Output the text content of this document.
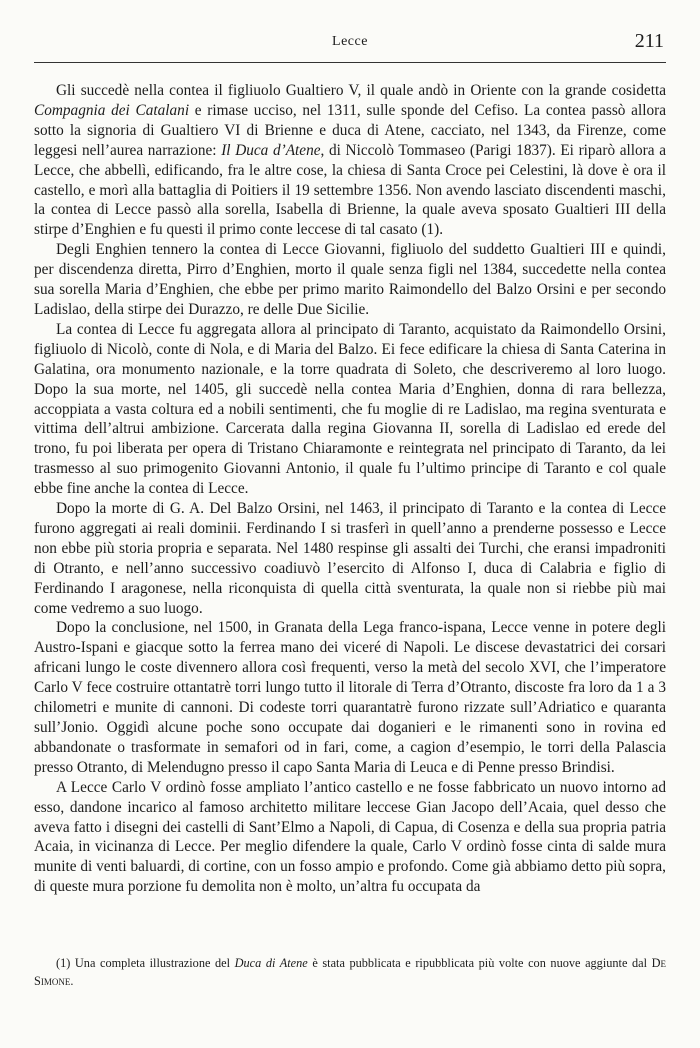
Lecce	211

Gli succedè nella contea il figliuolo Gualtiero V, il quale andò in Oriente con la grande cosidetta Compagnia dei Catalani e rimase ucciso, nel 1311, sulle sponde del Cefiso. La contea passò allora sotto la signoria di Gualtiero VI di Brienne e duca di Atene, cacciato, nel 1343, da Firenze, come leggesi nell’aurea narrazione: Il Duca d’Atene, di Niccolò Tommaseo (Parigi 1837). Ei riparò allora a Lecce, che abbellì, edificando, fra le altre cose, la chiesa di Santa Croce pei Celestini, là dove è ora il castello, e morì alla battaglia di Poitiers il 19 settembre 1356. Non avendo lasciato discendenti maschi, la contea di Lecce passò alla sorella, Isabella di Brienne, la quale aveva sposato Gualtieri III della stirpe d’Enghien e fu questi il primo conte leccese di tal casato (1).

Degli Enghien tennero la contea di Lecce Giovanni, figliuolo del suddetto Gualtieri III e quindi, per discendenza diretta, Pirro d’Enghien, morto il quale senza figli nel 1384, succedette nella contea sua sorella Maria d’Enghien, che ebbe per primo marito Raimondello del Balzo Orsini e per secondo Ladislao, della stirpe dei Durazzo, re delle Due Sicilie.

La contea di Lecce fu aggregata allora al principato di Taranto, acquistato da Raimondello Orsini, figliuolo di Nicolò, conte di Nola, e di Maria del Balzo. Ei fece edificare la chiesa di Santa Caterina in Galatina, ora monumento nazionale, e la torre quadrata di Soleto, che descriveremo al loro luogo. Dopo la sua morte, nel 1405, gli succedè nella contea Maria d’Enghien, donna di rara bellezza, accoppiata a vasta coltura ed a nobili sentimenti, che fu moglie di re Ladislao, ma regina sventurata e vittima dell’altrui ambizione. Carcerata dalla regina Giovanna II, sorella di Ladislao ed erede del trono, fu poi liberata per opera di Tristano Chiaramonte e reintegrata nel principato di Taranto, da lei trasmesso al suo primogenito Giovanni Antonio, il quale fu l’ultimo principe di Taranto e col quale ebbe fine anche la contea di Lecce.

Dopo la morte di G. A. Del Balzo Orsini, nel 1463, il principato di Taranto e la contea di Lecce furono aggregati ai reali dominii. Ferdinando I si trasferì in quell’anno a prenderne possesso e Lecce non ebbe più storia propria e separata. Nel 1480 respinse gli assalti dei Turchi, che eransi impadroniti di Otranto, e nell’anno successivo coadiuvò l’esercito di Alfonso I, duca di Calabria e figlio di Ferdinando I aragonese, nella riconquista di quella città sventurata, la quale non si riebbe più mai come vedremo a suo luogo.

Dopo la conclusione, nel 1500, in Granata della Lega franco-ispana, Lecce venne in potere degli Austro-Ispani e giacque sotto la ferrea mano dei viceré di Napoli. Le discese devastatrici dei corsari africani lungo le coste divennero allora così frequenti, verso la metà del secolo XVI, che l’imperatore Carlo V fece costruire ottantatrè torri lungo tutto il litorale di Terra d’Otranto, discoste fra loro da 1 a 3 chilometri e munite di cannoni. Di codeste torri quarantatrè furono rizzate sull’Adriatico e quaranta sull’Jonio. Oggidì alcune poche sono occupate dai doganieri e le rimanenti sono in rovina ed abbandonate o trasformate in semafori od in fari, come, a cagion d’esempio, le torri della Palascia presso Otranto, di Melendugno presso il capo Santa Maria di Leuca e di Penne presso Brindisi.

A Lecce Carlo V ordinò fosse ampliato l’antico castello e ne fosse fabbricato un nuovo intorno ad esso, dandone incarico al famoso architetto militare leccese Gian Jacopo dell’Acaia, quel desso che aveva fatto i disegni dei castelli di Sant’Elmo a Napoli, di Capua, di Cosenza e della sua propria patria Acaia, in vicinanza di Lecce. Per meglio difendere la quale, Carlo V ordinò fosse cinta di salde mura munite di venti baluardi, di cortine, con un fosso ampio e profondo. Come già abbiamo detto più sopra, di queste mura porzione fu demolita non è molto, un’altra fu occupata da

(1) Una completa illustrazione del Duca di Atene è stata pubblicata e ripubblicata più volte con nuove aggiunte dal De Simone.
